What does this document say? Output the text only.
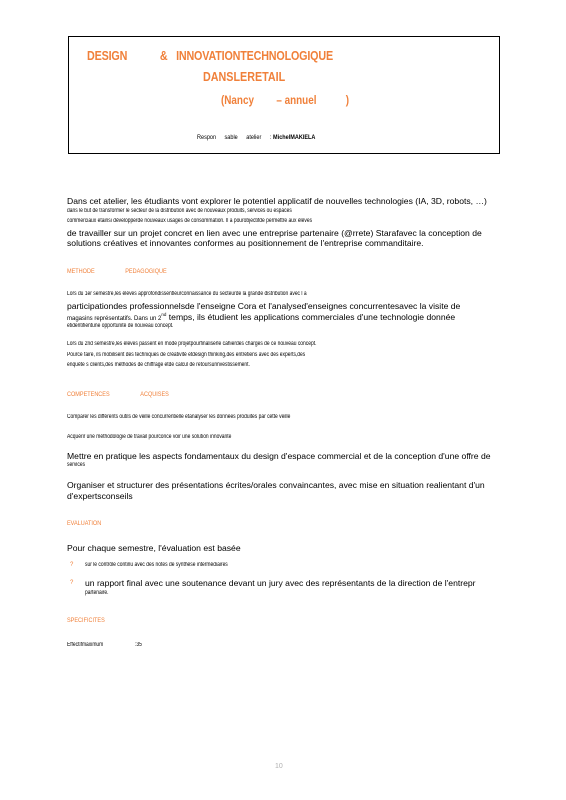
DESIGN	& INNOVATIONTECHNOLOGIQUE
DANSLERETAIL
(Nancy – annuel	)
Respon sable atelier : MichelMAKIELA
Dans cet atelier, les étudiants vont explorer le potentiel applicatif de nouvelles technologies (IA, 3D, robots, …)
dans le but de transformer le secteur de la distribution avec de nouveaux produits, services ou espaces
commerciaux etainsi développerde nouveaux usages de consommation. Il a pourobjectifde permettre aux élèves
de travailler sur un projet concret en lien avec une entreprise partenaire (@rrete) Starafavec la conception de
solutions créatives et innovantes conformes au positionnement de l'entreprise commanditaire.
METHODE	PEDAGOGIQUE
Lors du 1er semestre,les élèves approfondissentleurconnaissance du secteurde la grande distribution avec l a
participationdes professionnelsde l'enseigne Cora et l'analysed'enseignes concurrentesavec la visite de
magasins représentatifs. Dans un 2nd temps, ils étudient les applications commerciales d'une technologie donnée
etidentifientune opportunité de nouveau concept.
Lors du 2nd semestre,les élèves passent en mode projetpourfinaliserle cahierdes charges de ce nouveau concept.
Pource faire, ils mobilisent des techniques de créativité etdesign thinking,des entretiens avec des experts,des
enquête s clients,des méthodes de chiffrage etde calcul de retoursurinvestissement.
COMPETENCES	ACQUISES
Comparer les différents outils de veille concurrentielle etanalyser les données produites par cette veille
Acquérir une méthodologie de travail pourconce voir une solution innovante
Mettre en pratique les aspects fondamentaux du design d'espace commercial et de la conception d'une offre de
services
Organiser et structurer des présentations écrites/orales convaincantes, avec mise en situation realientant d'un
d'expertsconseils
EVALUATION
Pour chaque semestre, l'évaluation est basée
? sur le contrôle continu avec des notes de synthèse intermédiaires
? un rapport final avec une soutenance devant un jury avec des représentants de la direction de l'entrepr
partenaire.
SPECIFICITES
Effectifmaximum	:35
10
